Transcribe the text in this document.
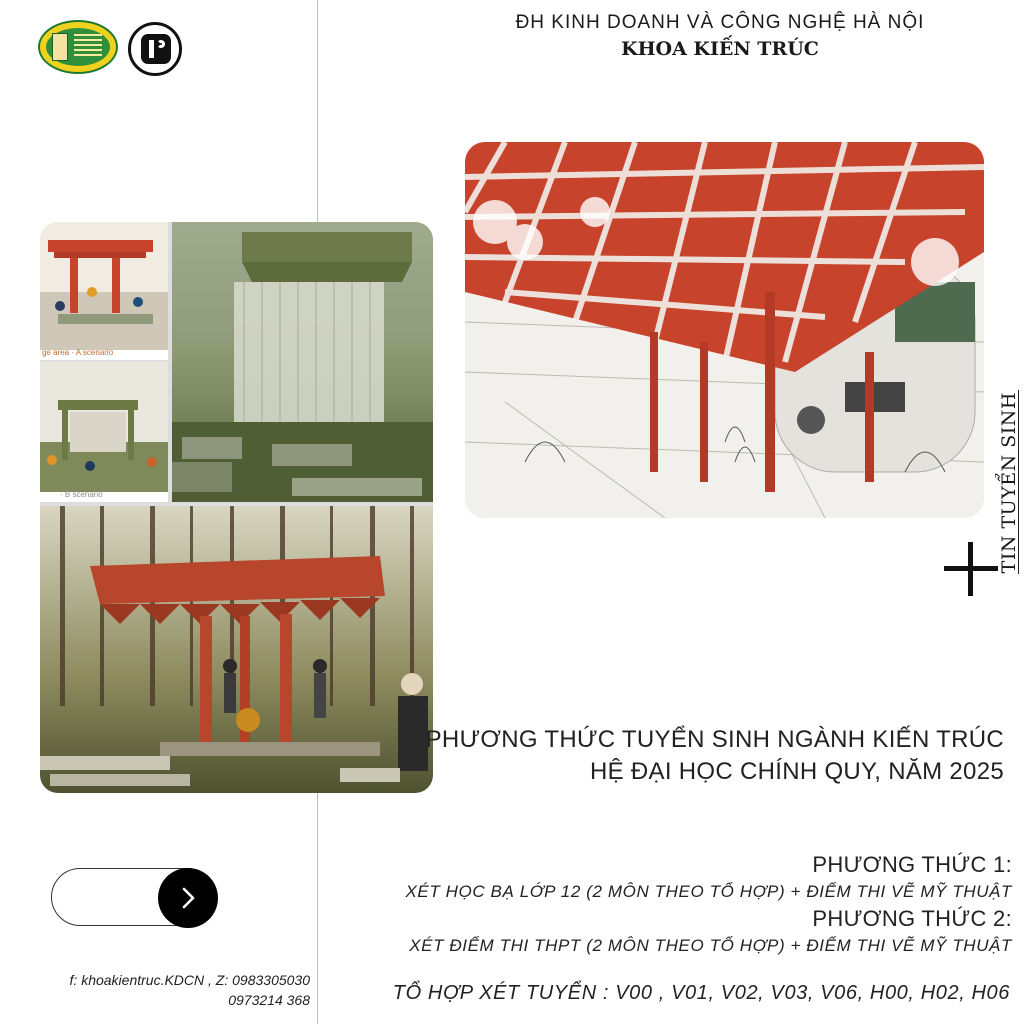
ĐH KINH DOANH VÀ CÔNG NGHỆ HÀ NỘI
KHOA KIẾN TRÚC
ge area · A scenario
· B scenario	TIN TUYỂN SINH
PHƯƠNG THỨC TUYỂN SINH NGÀNH KIẾN TRÚC
HỆ ĐẠI HỌC CHÍNH QUY, NĂM 2025
PHƯƠNG THỨC 1:
XÉT HỌC BẠ LỚP 12 (2 MÔN THEO TỔ HỢP) + ĐIỂM THI VẼ MỸ THUẬT
PHƯƠNG THỨC 2:
XÉT ĐIỂM THI THPT (2 MÔN THEO TỔ HỢP) + ĐIỂM THI VẼ MỸ THUẬT
TỔ HỢP XÉT TUYỂN : V00 , V01, V02, V03, V06, H00, H02, H06
f: khoakientruc.KDCN , Z: 0983305030
0973214 368
